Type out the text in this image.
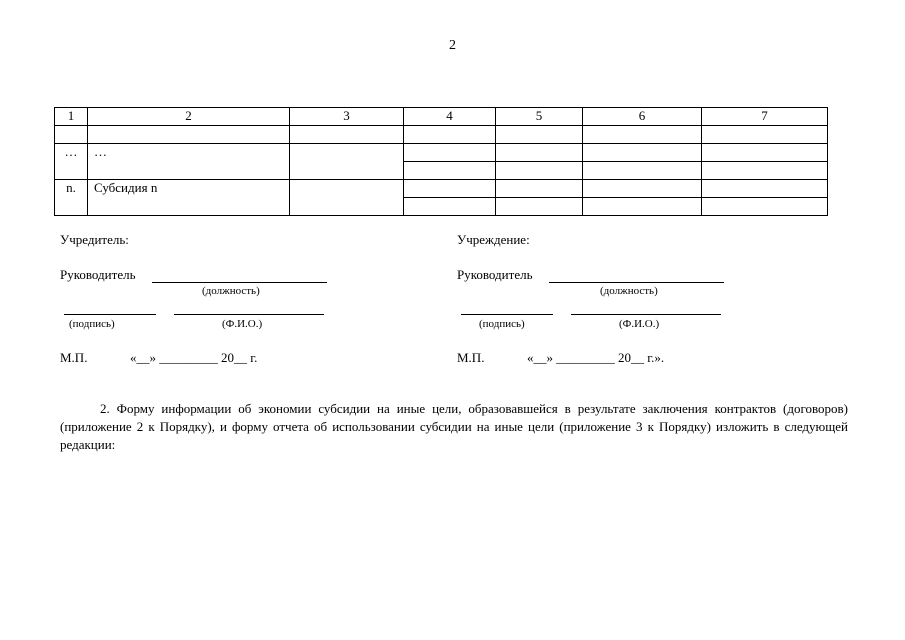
2
1	2	3	4	5	6	7

…	…					

n.	Субсидия n					

Учредитель:
Руководитель
(должность)
(подпись)	(Ф.И.О.)
М.П.	«__» _________ 20__ г.
Учреждение:
Руководитель
(должность)
(подпись)	(Ф.И.О.)
М.П.	«__» _________ 20__ г.».
2. Форму информации об экономии субсидии на иные цели, образовавшейся в результате заключения контрактов (договоров) (приложение 2 к Порядку), и форму отчета об использовании субсидии на иные цели (приложение 3 к Порядку) изложить в следующей редакции:
